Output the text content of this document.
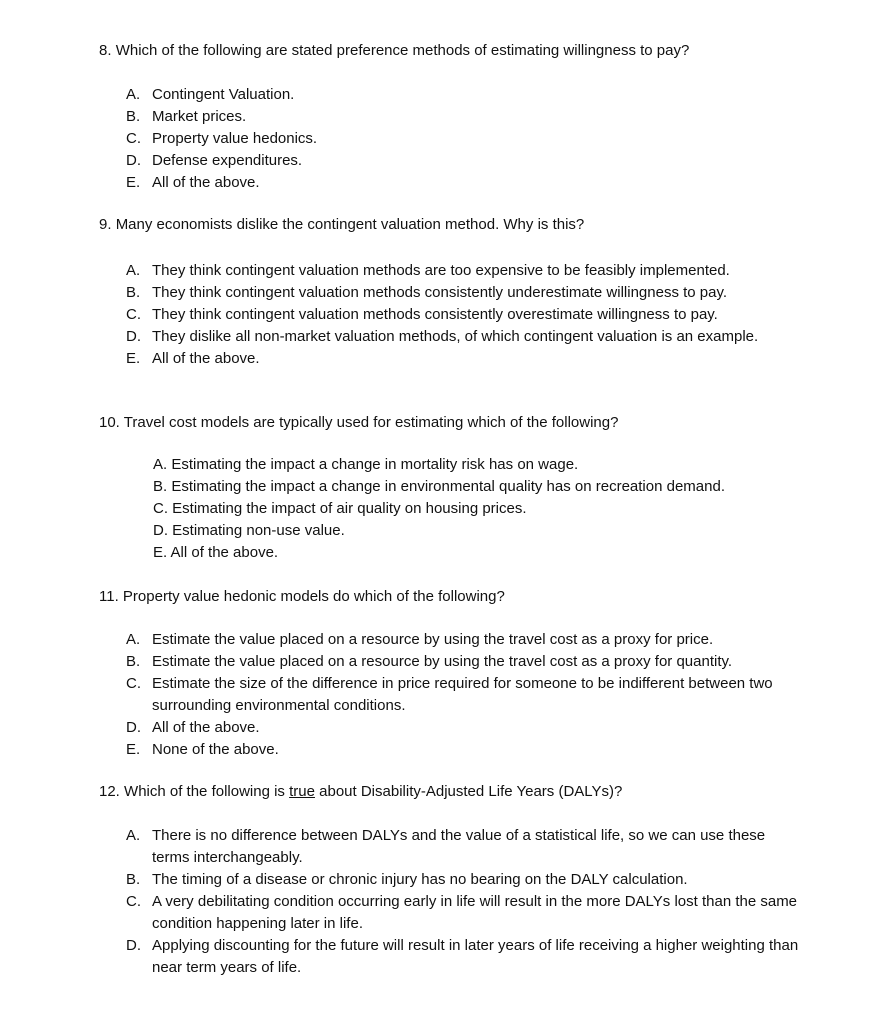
8. Which of the following are stated preference methods of estimating willingness to pay?

A. Contingent Valuation.
B. Market prices.
C. Property value hedonics.
D. Defense expenditures.
E. All of the above.

9. Many economists dislike the contingent valuation method. Why is this?

A. They think contingent valuation methods are too expensive to be feasibly implemented.
B. They think contingent valuation methods consistently underestimate willingness to pay.
C. They think contingent valuation methods consistently overestimate willingness to pay.
D. They dislike all non-market valuation methods, of which contingent valuation is an example.
E. All of the above.

10. Travel cost models are typically used for estimating which of the following?

A. Estimating the impact a change in mortality risk has on wage.
B. Estimating the impact a change in environmental quality has on recreation demand.
C. Estimating the impact of air quality on housing prices.
D. Estimating non-use value.
E. All of the above.

11. Property value hedonic models do which of the following?

A. Estimate the value placed on a resource by using the travel cost as a proxy for price.
B. Estimate the value placed on a resource by using the travel cost as a proxy for quantity.
C. Estimate the size of the difference in price required for someone to be indifferent between two surrounding environmental conditions.
D. All of the above.
E. None of the above.

12. Which of the following is true about Disability-Adjusted Life Years (DALYs)?

A. There is no difference between DALYs and the value of a statistical life, so we can use these terms interchangeably.
B. The timing of a disease or chronic injury has no bearing on the DALY calculation.
C. A very debilitating condition occurring early in life will result in the more DALYs lost than the same condition happening later in life.
D. Applying discounting for the future will result in later years of life receiving a higher weighting than near term years of life.
